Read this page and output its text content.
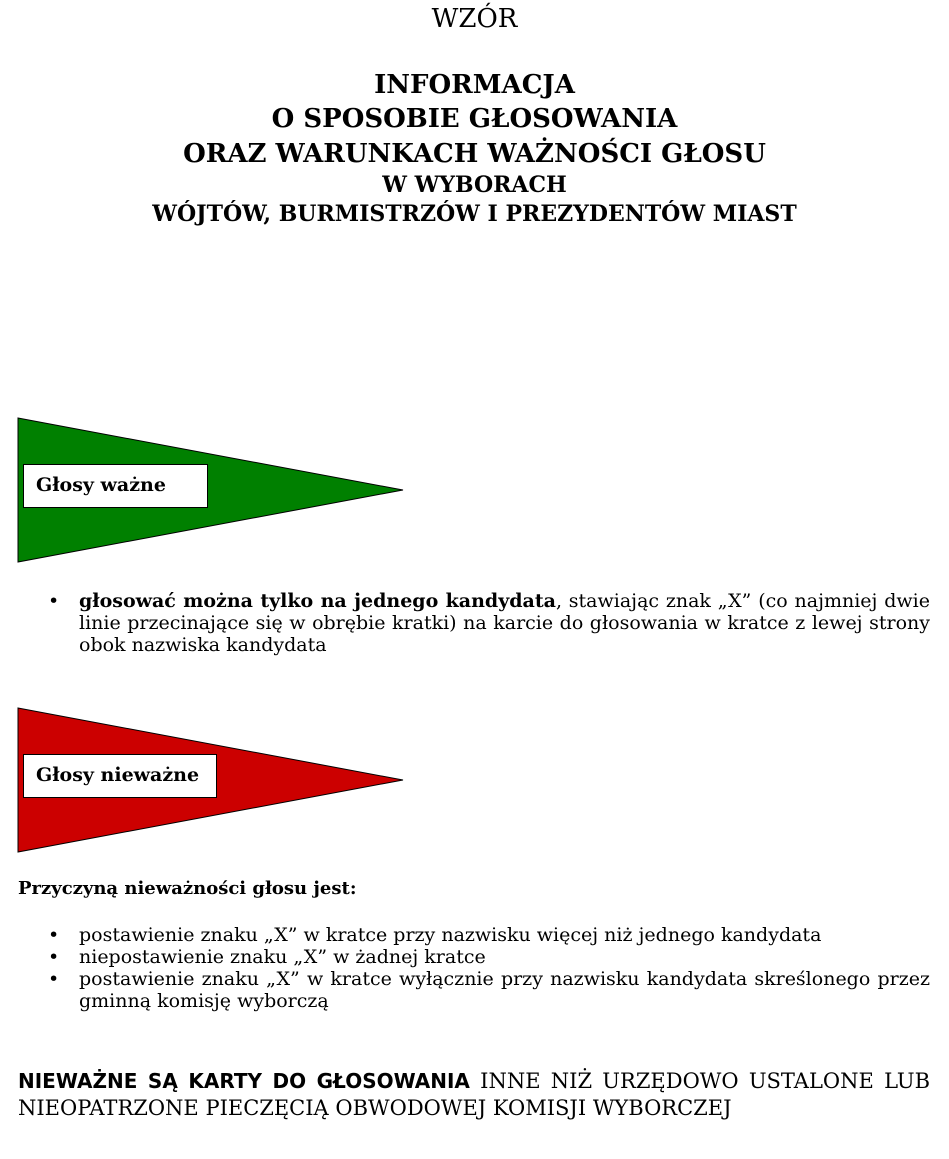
WZÓR
INFORMACJA
O SPOSOBIE GŁOSOWANIA
ORAZ WARUNKACH WAŻNOŚCI GŁOSU
W WYBORACH
WÓJTÓW, BURMISTRZÓW I PREZYDENTÓW MIAST
Głosy ważne
• głosować można tylko na jednego kandydata, stawiając znak „X” (co najmniej dwie linie przecinające się w obrębie kratki) na karcie do głosowania w kratce z lewej strony obok nazwiska kandydata
Głosy nieważne
Przyczyną nieważności głosu jest:
• postawienie znaku „X” w kratce przy nazwisku więcej niż jednego kandydata
• niepostawienie znaku „X” w żadnej kratce
• postawienie znaku „X” w kratce wyłącznie przy nazwisku kandydata skreślonego przez gminną komisję wyborczą
NIEWAŻNE SĄ KARTY DO GŁOSOWANIA INNE NIŻ URZĘDOWO USTALONE LUB NIEOPATRZONE PIECZĘCIĄ OBWODOWEJ KOMISJI WYBORCZEJ
